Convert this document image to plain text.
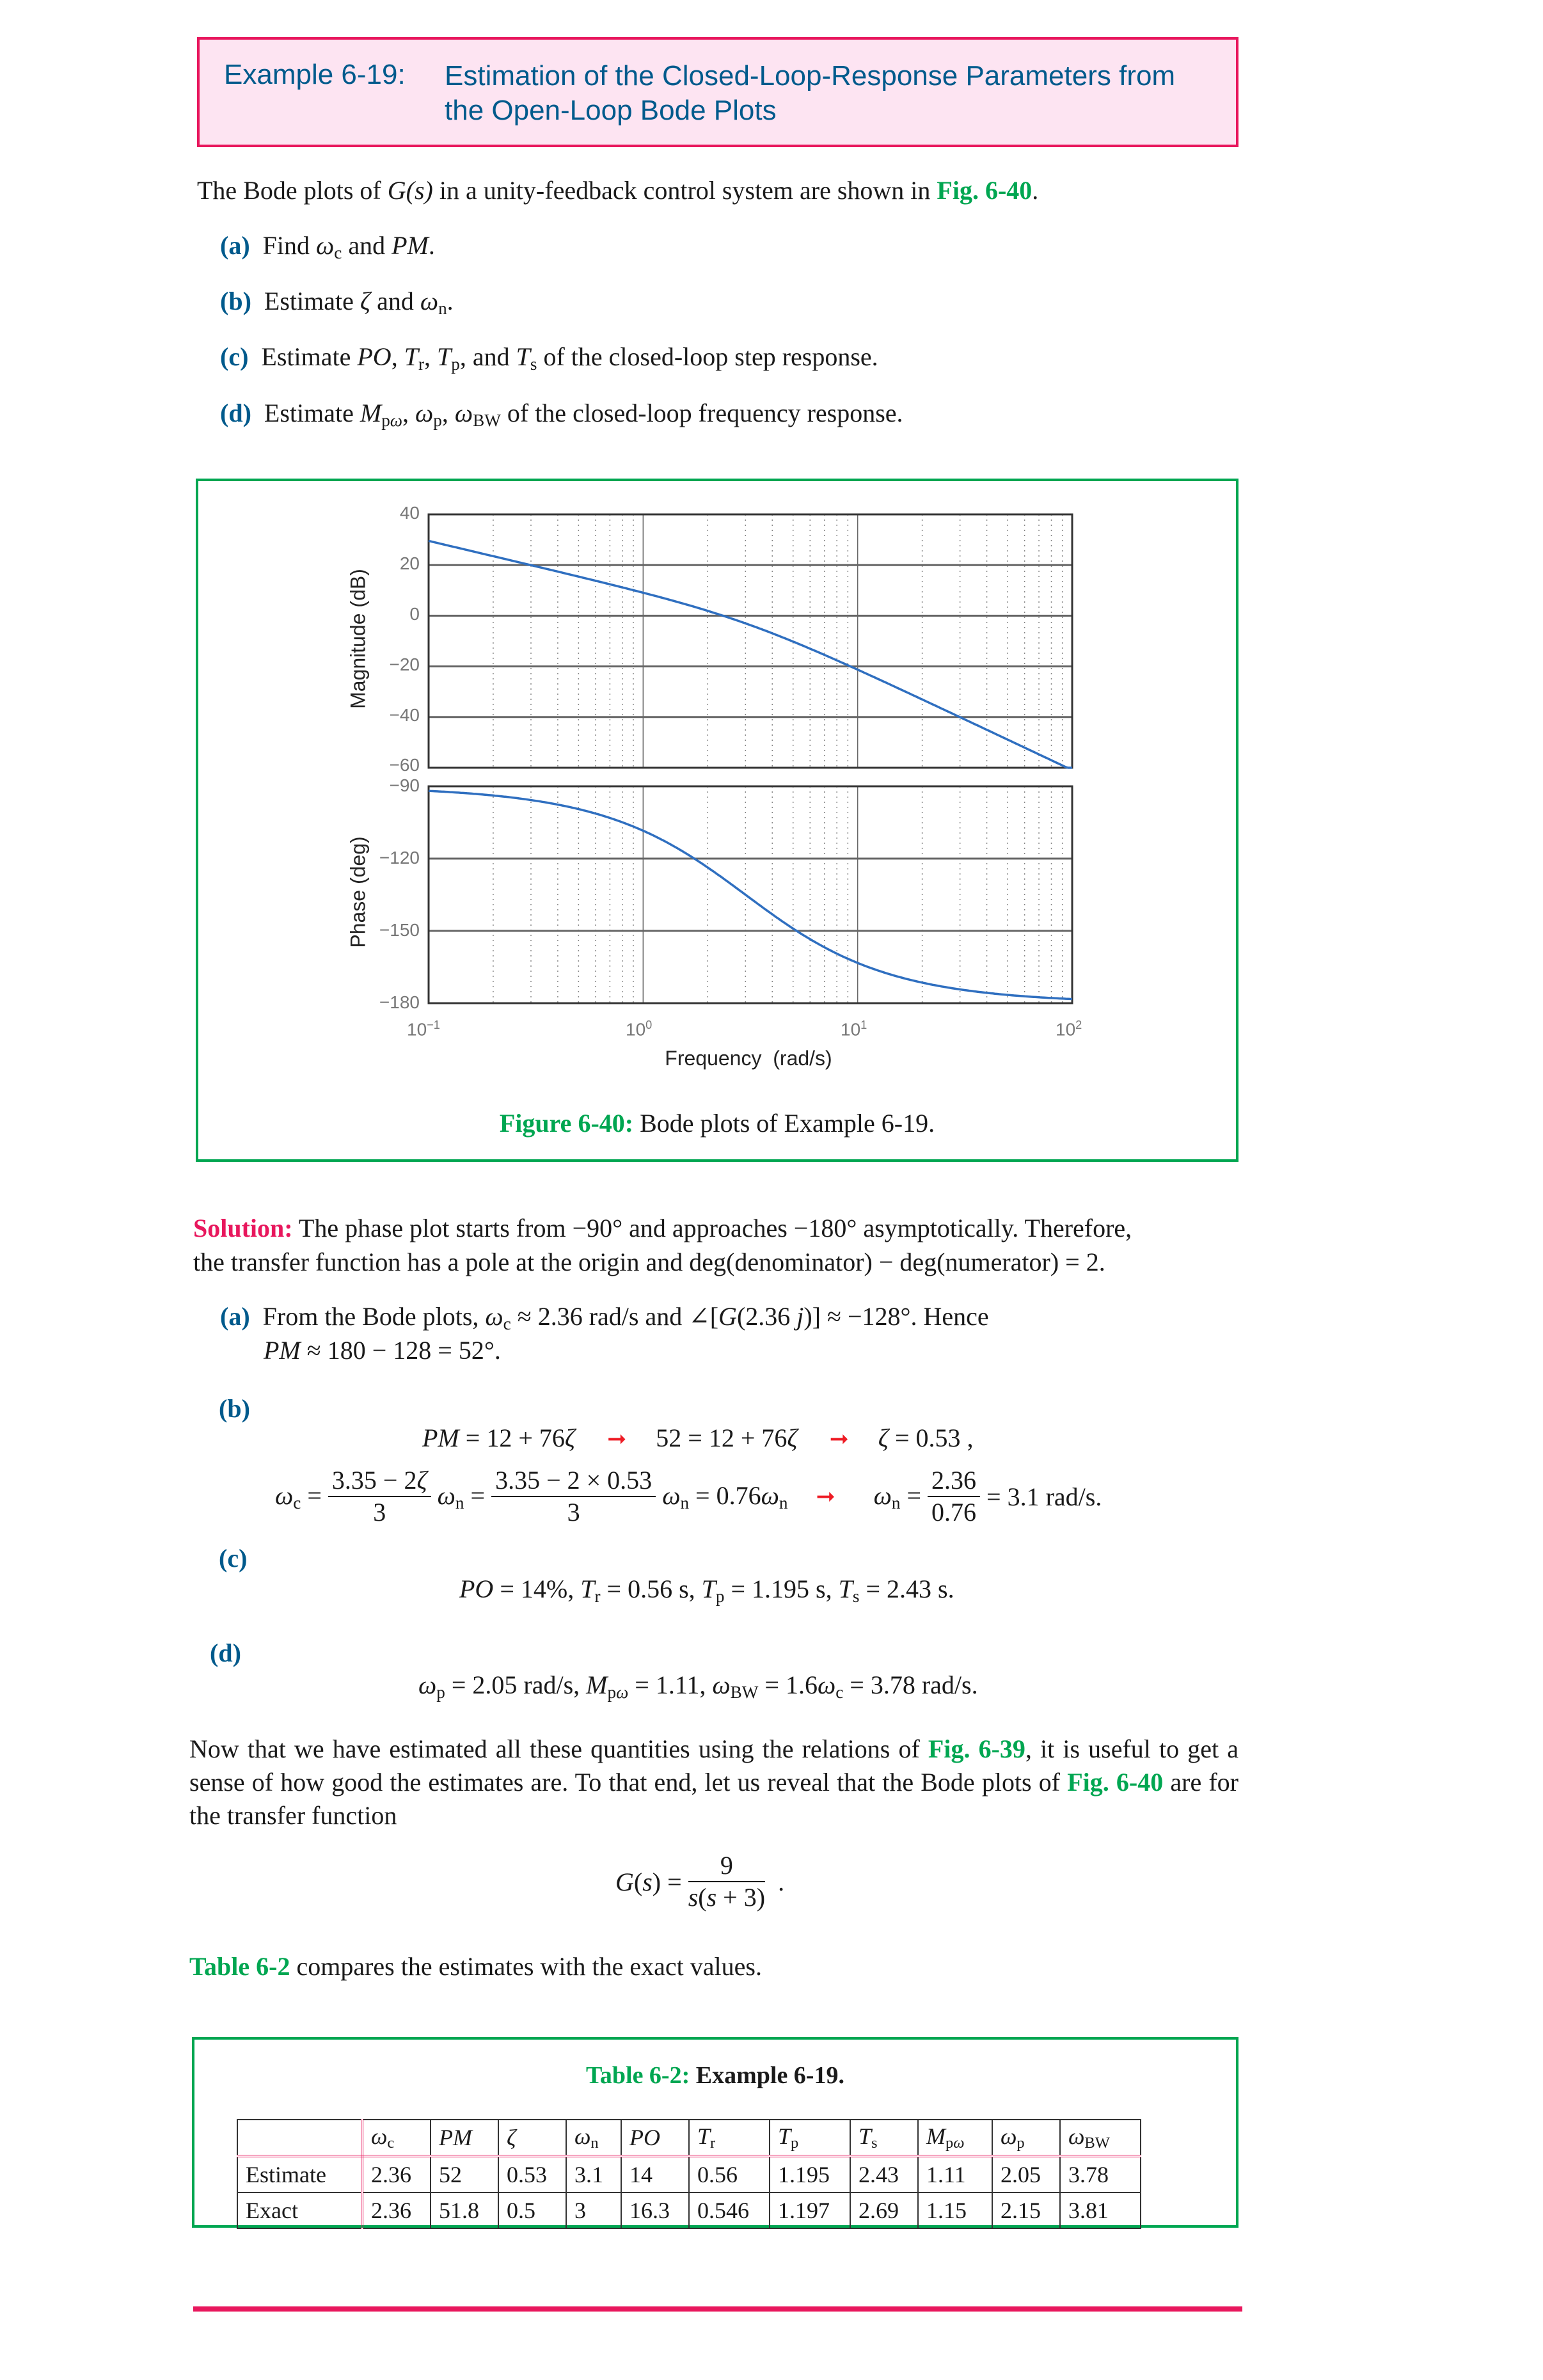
Example 6-19: Estimation of the Closed-Loop-Response Parameters from the Open-Loop Bode Plots
The Bode plots of G(s) in a unity-feedback control system are shown in Fig. 6-40.
(a)  Find $\omega_c$ and PM.
(b)  Estimate ζ and $\omega_n$.
(c)  Estimate PO, $T_r$, $T_p$, and $T_s$ of the closed-loop step response.
(d)  Estimate $M_{p\omega}$, $\omega_p$, $\omega_{BW}$ of the closed-loop frequency response.
40
20
0
−20
−40
−60
−90
−120
−150
−180
Magnitude (dB)
Phase (deg)
$10^{-1}$	$10^0$	$10^1$	$10^2$
Frequency  (rad/s)
Figure 6-40: Bode plots of Example 6-19.
Solution: The phase plot starts from −90° and approaches −180° asymptotically. Therefore,
the transfer function has a pole at the origin and deg(denominator) − deg(numerator) = 2.
(a)  From the Bode plots, $\omega_c \approx 2.36$ rad/s and ∠[G(2.36 j)] ≈ −128°. Hence
PM ≈ 180 − 128 = 52°.
(b)
PM = 12 + 76ζ ➞ 52 = 12 + 76ζ ➞ ζ = 0.53 ,
$\omega_c = \frac{3.35 - 2\zeta}{3} \omega_n = \frac{3.35 - 2 \times 0.53}{3} \omega_n = 0.76\omega_n$ ➞ $\omega_n = \frac{2.36}{0.76}$
= 3.1 rad/s.
(c)
PO = 14%, $T_r = 0.56$ s, $T_p = 1.195$ s, $T_s = 2.43$ s.
(d)
$\omega_p = 2.05$ rad/s, $M_{p\omega} = 1.11$, $\omega_{BW} = 1.6\omega_c = 3.78$ rad/s.
Now that we have estimated all these quantities using the relations of Fig. 6-39, it is useful to get a sense of how good the estimates are. To that end, let us reveal that the Bode plots of Fig. 6-40 are for the transfer function
$G(s) = \frac{9}{s(s + 3)}$
.
Table 6-2 compares the estimates with the exact values.
Table 6-2: Example 6-19.
	$\omega_c$	PM	ζ	$\omega_n$	PO	$T_r$	$T_p$	$T_s$	$M_{p\omega}$	$\omega_p$	$\omega_{BW}$
Estimate	2.36	52	0.53	3.1	14	0.56	1.195	2.43	1.11	2.05	3.78
Exact	2.36	51.8	0.5	3	16.3	0.546	1.197	2.69	1.15	2.15	3.81
